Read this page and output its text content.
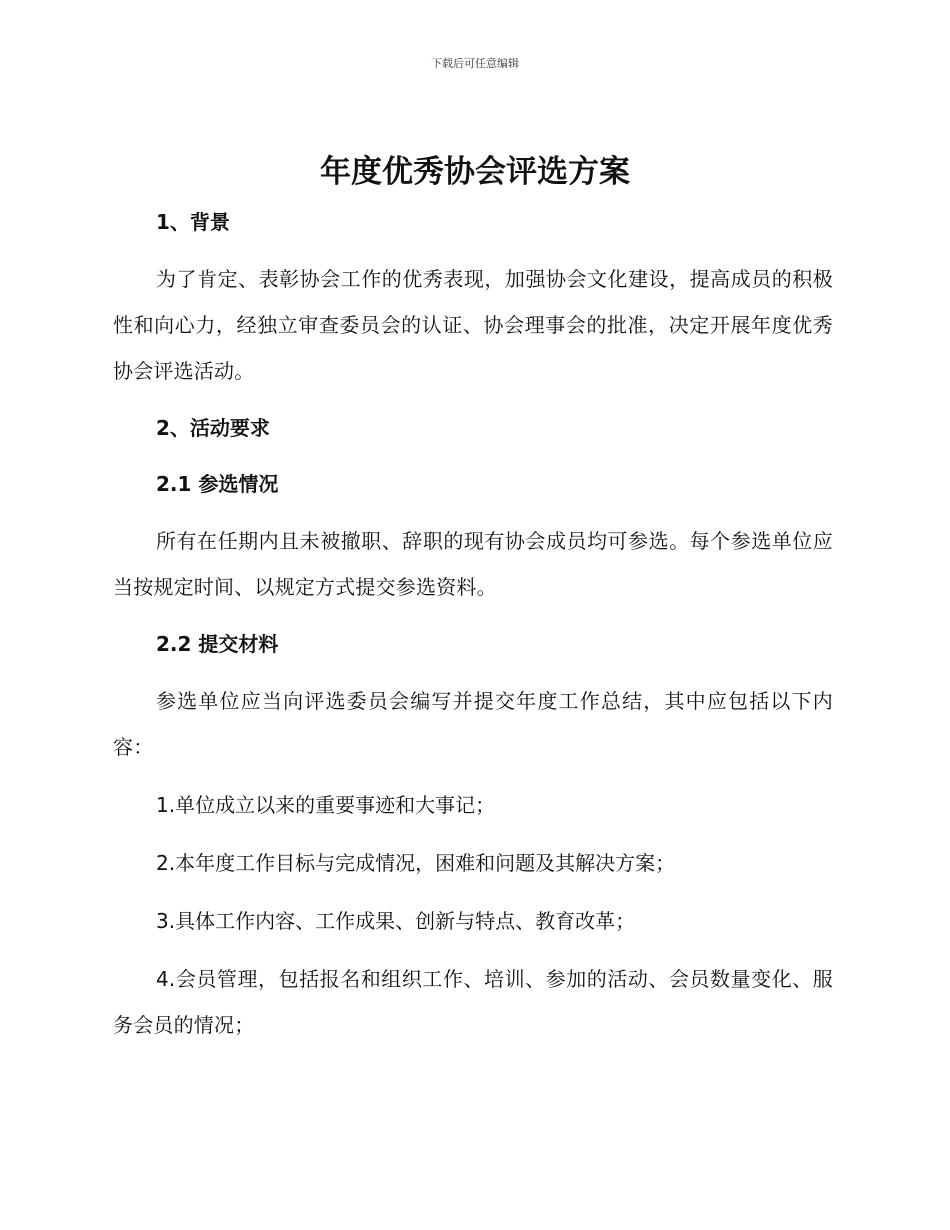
下载后可任意编辑
年度优秀协会评选方案
1、背景
为了肯定、表彰协会工作的优秀表现，加强协会文化建设，提高成员的积极性和向心力，经独立审查委员会的认证、协会理事会的批准，决定开展年度优秀协会评选活动。
2、活动要求
2.1 参选情况
所有在任期内且未被撤职、辞职的现有协会成员均可参选。每个参选单位应当按规定时间、以规定方式提交参选资料。
2.2 提交材料
参选单位应当向评选委员会编写并提交年度工作总结，其中应包括以下内容：
1.单位成立以来的重要事迹和大事记；
2.本年度工作目标与完成情况，困难和问题及其解决方案；
3.具体工作内容、工作成果、创新与特点、教育改革；
4.会员管理，包括报名和组织工作、培训、参加的活动、会员数量变化、服务会员的情况；
